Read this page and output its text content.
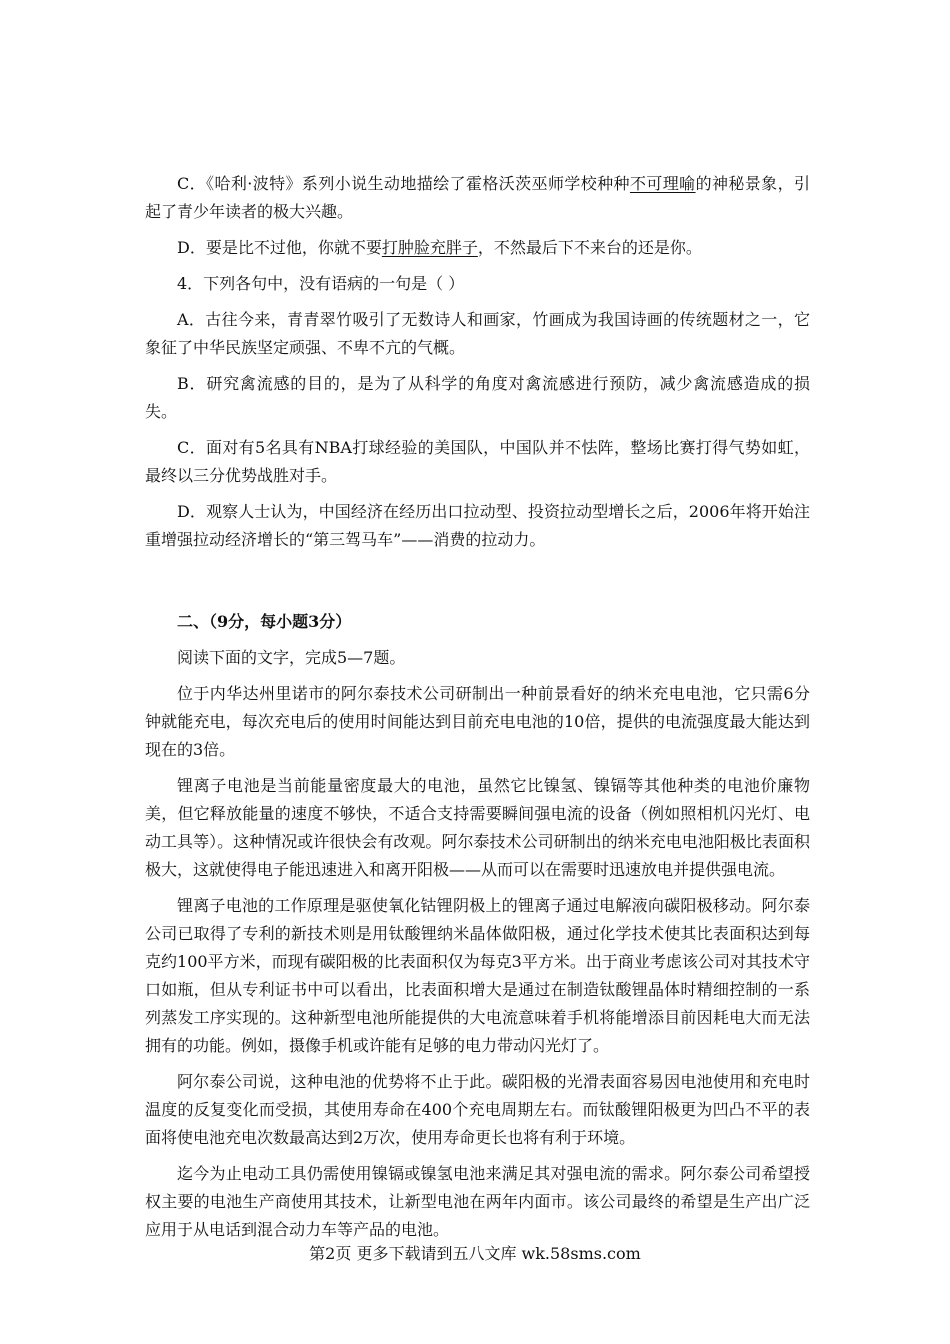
C．《哈利·波特》系列小说生动地描绘了霍格沃茨巫师学校种种不可理喻的神秘景象，引起了青少年读者的极大兴趣。

D．要是比不过他，你就不要打肿脸充胖子，不然最后下不来台的还是你。

4．下列各句中，没有语病的一句是（ ）

A．古往今来，青青翠竹吸引了无数诗人和画家，竹画成为我国诗画的传统题材之一，它象征了中华民族坚定顽强、不卑不亢的气概。

B．研究禽流感的目的，是为了从科学的角度对禽流感进行预防，减少禽流感造成的损失。

C．面对有5名具有NBA打球经验的美国队，中国队并不怯阵，整场比赛打得气势如虹，最终以三分优势战胜对手。

D．观察人士认为，中国经济在经历出口拉动型、投资拉动型增长之后，2006年将开始注重增强拉动经济增长的“第三驾马车”——消费的拉动力。

二、（9分，每小题3分）

阅读下面的文字，完成5—7题。

位于内华达州里诺市的阿尔泰技术公司研制出一种前景看好的纳米充电电池，它只需6分钟就能充电，每次充电后的使用时间能达到目前充电电池的10倍，提供的电流强度最大能达到现在的3倍。

锂离子电池是当前能量密度最大的电池，虽然它比镍氢、镍镉等其他种类的电池价廉物美，但它释放能量的速度不够快，不适合支持需要瞬间强电流的设备（例如照相机闪光灯、电动工具等）。这种情况或许很快会有改观。阿尔泰技术公司研制出的纳米充电电池阳极比表面积极大，这就使得电子能迅速进入和离开阳极——从而可以在需要时迅速放电并提供强电流。

锂离子电池的工作原理是驱使氧化钴锂阴极上的锂离子通过电解液向碳阳极移动。阿尔泰公司已取得了专利的新技术则是用钛酸锂纳米晶体做阳极，通过化学技术使其比表面积达到每克约100平方米，而现有碳阳极的比表面积仅为每克3平方米。出于商业考虑该公司对其技术守口如瓶，但从专利证书中可以看出，比表面积增大是通过在制造钛酸锂晶体时精细控制的一系列蒸发工序实现的。这种新型电池所能提供的大电流意味着手机将能增添目前因耗电大而无法拥有的功能。例如，摄像手机或许能有足够的电力带动闪光灯了。

阿尔泰公司说，这种电池的优势将不止于此。碳阳极的光滑表面容易因电池使用和充电时温度的反复变化而受损，其使用寿命在400个充电周期左右。而钛酸锂阳极更为凹凸不平的表面将使电池充电次数最高达到2万次，使用寿命更长也将有利于环境。

迄今为止电动工具仍需使用镍镉或镍氢电池来满足其对强电流的需求。阿尔泰公司希望授权主要的电池生产商使用其技术，让新型电池在两年内面市。该公司最终的希望是生产出广泛应用于从电话到混合动力车等产品的电池。

第2页 更多下载请到五八文库 wk.58sms.com
